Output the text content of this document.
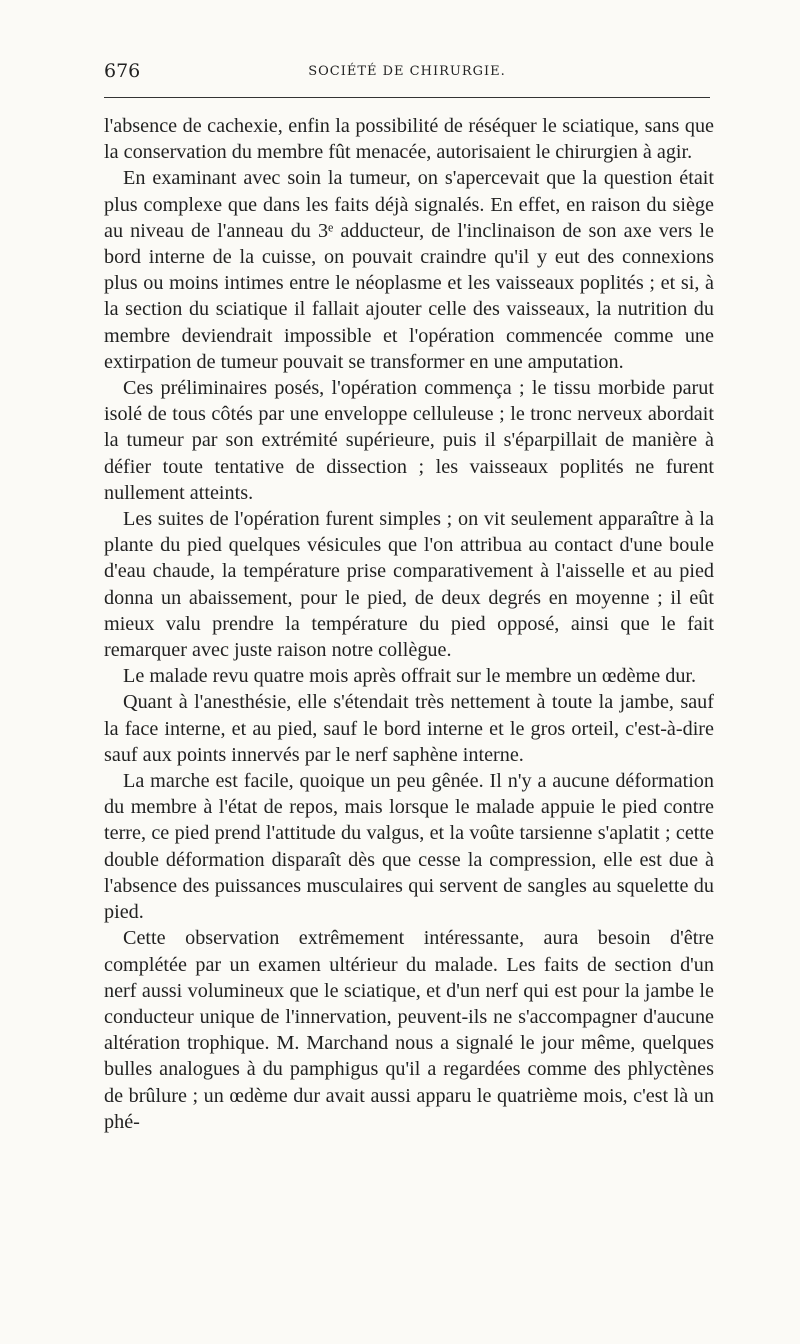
676	SOCIÉTÉ DE CHIRURGIE.

l'absence de cachexie, enfin la possibilité de réséquer le sciatique, sans que la conservation du membre fût menacée, autorisaient le chirurgien à agir.

En examinant avec soin la tumeur, on s'apercevait que la question était plus complexe que dans les faits déjà signalés. En effet, en raison du siège au niveau de l'anneau du 3ᵉ adducteur, de l'inclinaison de son axe vers le bord interne de la cuisse, on pouvait craindre qu'il y eut des connexions plus ou moins intimes entre le néoplasme et les vaisseaux poplités ; et si, à la section du sciatique il fallait ajouter celle des vaisseaux, la nutrition du membre deviendrait impossible et l'opération commencée comme une extirpation de tumeur pouvait se transformer en une amputation.

Ces préliminaires posés, l'opération commença ; le tissu morbide parut isolé de tous côtés par une enveloppe celluleuse ; le tronc nerveux abordait la tumeur par son extrémité supérieure, puis il s'éparpillait de manière à défier toute tentative de dissection ; les vaisseaux poplités ne furent nullement atteints.

Les suites de l'opération furent simples ; on vit seulement apparaître à la plante du pied quelques vésicules que l'on attribua au contact d'une boule d'eau chaude, la température prise comparativement à l'aisselle et au pied donna un abaissement, pour le pied, de deux degrés en moyenne ; il eût mieux valu prendre la température du pied opposé, ainsi que le fait remarquer avec juste raison notre collègue.

Le malade revu quatre mois après offrait sur le membre un œdème dur.

Quant à l'anesthésie, elle s'étendait très nettement à toute la jambe, sauf la face interne, et au pied, sauf le bord interne et le gros orteil, c'est-à-dire sauf aux points innervés par le nerf saphène interne.

La marche est facile, quoique un peu gênée. Il n'y a aucune déformation du membre à l'état de repos, mais lorsque le malade appuie le pied contre terre, ce pied prend l'attitude du valgus, et la voûte tarsienne s'aplatit ; cette double déformation disparaît dès que cesse la compression, elle est due à l'absence des puissances musculaires qui servent de sangles au squelette du pied.

Cette observation extrêmement intéressante, aura besoin d'être complétée par un examen ultérieur du malade. Les faits de section d'un nerf aussi volumineux que le sciatique, et d'un nerf qui est pour la jambe le conducteur unique de l'innervation, peuvent-ils ne s'accompagner d'aucune altération trophique. M. Marchand nous a signalé le jour même, quelques bulles analogues à du pamphigus qu'il a regardées comme des phlyctènes de brûlure ; un œdème dur avait aussi apparu le quatrième mois, c'est là un phé-
